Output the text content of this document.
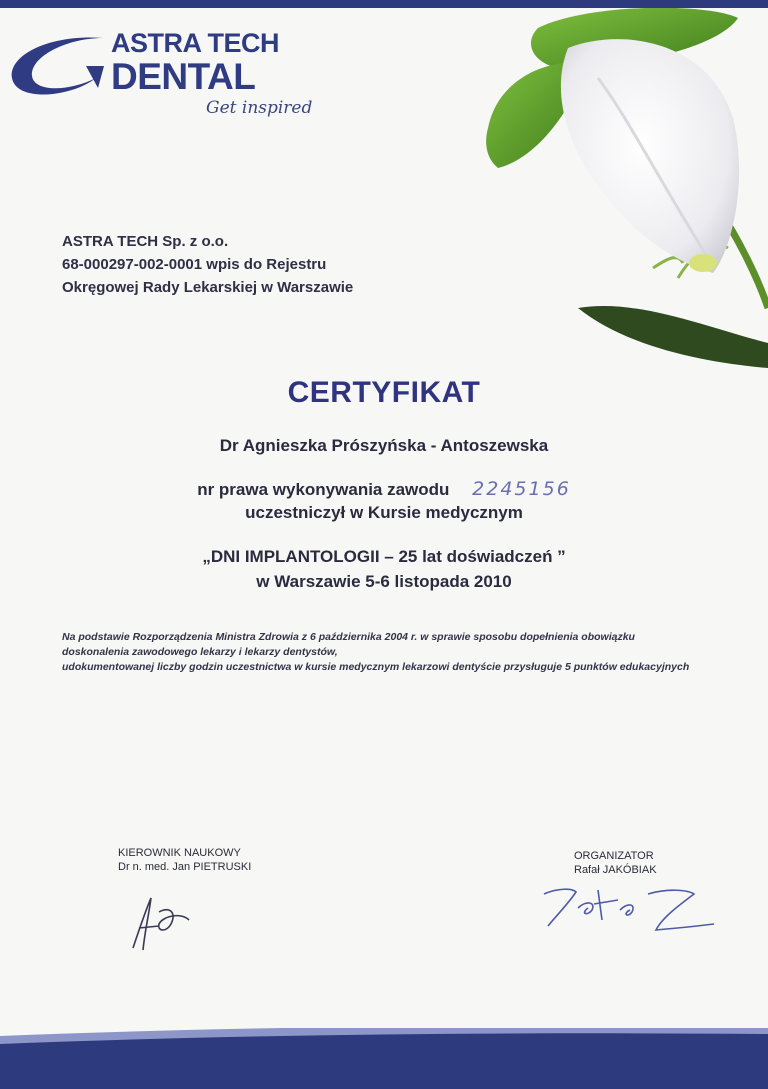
ASTRA TECH
DENTAL
Get inspired
ASTRA TECH Sp. z o.o.
68-000297-002-0001 wpis do Rejestru
Okręgowej Rady Lekarskiej w Warszawie
CERTYFIKAT
Dr Agnieszka Prószyńska - Antoszewska
nr prawa wykonywania zawodu 2245156
uczestniczył w Kursie medycznym
„DNI IMPLANTOLOGII – 25 lat doświadczeń ”
w Warszawie 5-6 listopada 2010
Na podstawie Rozporządzenia Ministra Zdrowia z 6 października 2004 r. w sprawie sposobu dopełnienia obowiązku
doskonalenia zawodowego lekarzy i lekarzy dentystów,
udokumentowanej liczby godzin uczestnictwa w kursie medycznym lekarzowi dentyście przysługuje 5 punktów edukacyjnych
KIEROWNIK NAUKOWY
Dr n. med. Jan PIETRUSKI
ORGANIZATOR
Rafał JAKÓBIAK
